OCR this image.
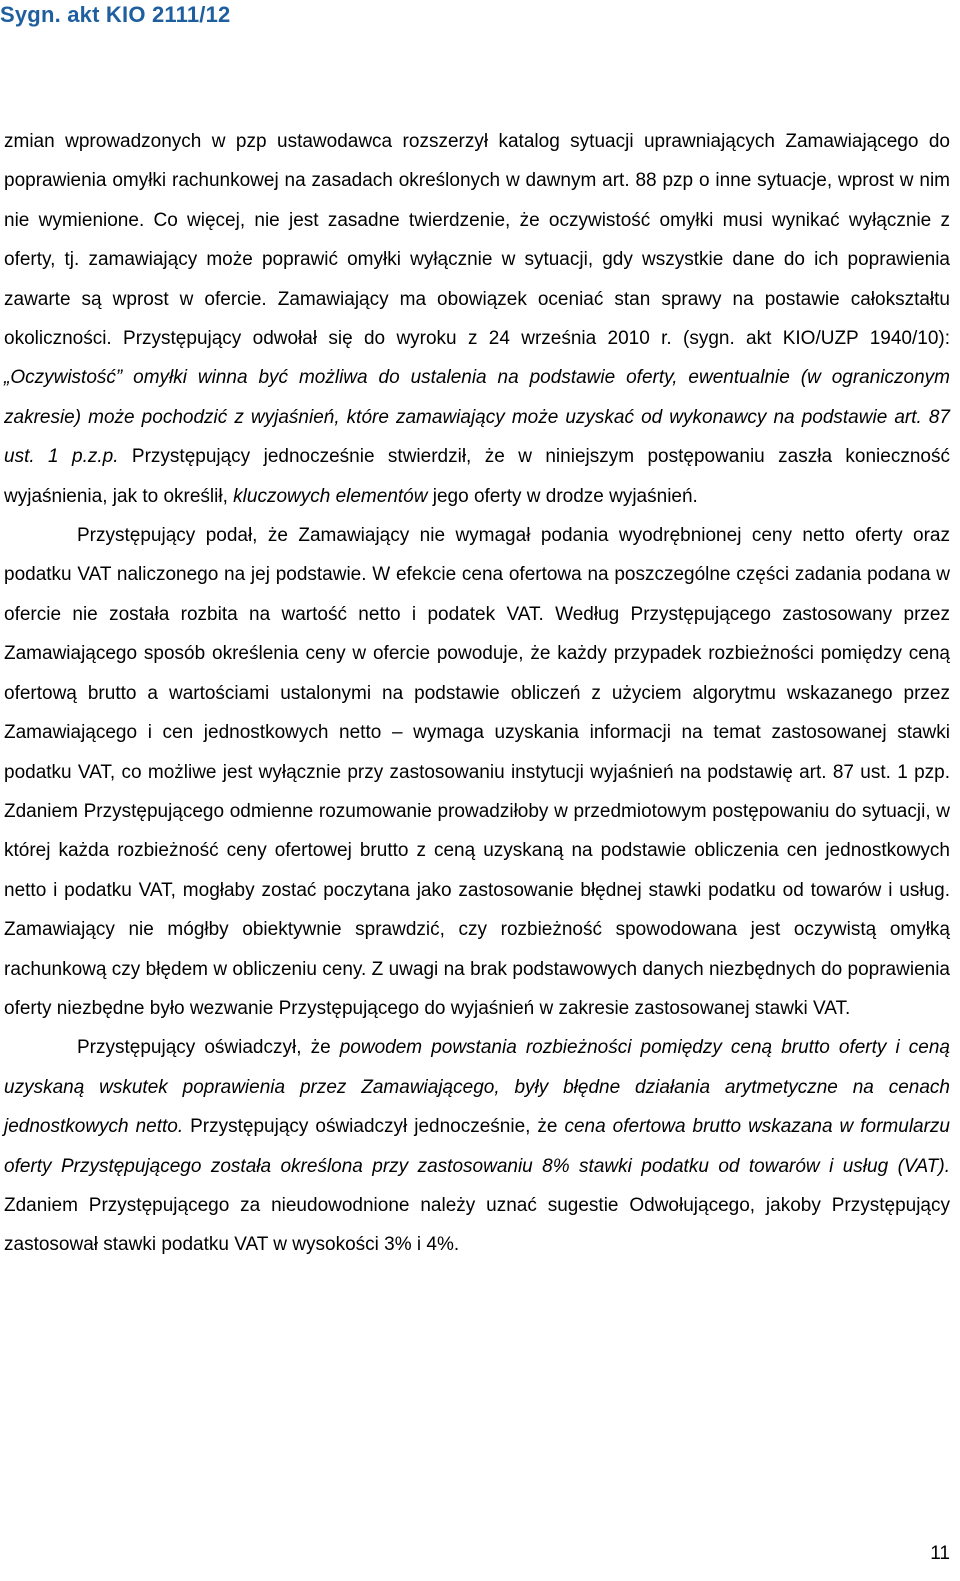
Sygn. akt KIO 2111/12

zmian wprowadzonych w pzp ustawodawca rozszerzył katalog sytuacji uprawniających Zamawiającego do poprawienia omyłki rachunkowej na zasadach określonych w dawnym art. 88 pzp o inne sytuacje, wprost w nim nie wymienione. Co więcej, nie jest zasadne twierdzenie, że oczywistość omyłki musi wynikać wyłącznie z oferty, tj. zamawiający może poprawić omyłki wyłącznie w sytuacji, gdy wszystkie dane do ich poprawienia zawarte są wprost w ofercie. Zamawiający ma obowiązek oceniać stan sprawy na postawie całokształtu okoliczności. Przystępujący odwołał się do wyroku z 24 września 2010 r. (sygn. akt KIO/UZP 1940/10): „Oczywistość” omyłki winna być możliwa do ustalenia na podstawie oferty, ewentualnie (w ograniczonym zakresie) może pochodzić z wyjaśnień, które zamawiający może uzyskać od wykonawcy na podstawie art. 87 ust. 1 p.z.p. Przystępujący jednocześnie stwierdził, że w niniejszym postępowaniu zaszła konieczność wyjaśnienia, jak to określił, kluczowych elementów jego oferty w drodze wyjaśnień.

Przystępujący podał, że Zamawiający nie wymagał podania wyodrębnionej ceny netto oferty oraz podatku VAT naliczonego na jej podstawie. W efekcie cena ofertowa na poszczególne części zadania podana w ofercie nie została rozbita na wartość netto i podatek VAT. Według Przystępującego zastosowany przez Zamawiającego sposób określenia ceny w ofercie powoduje, że każdy przypadek rozbieżności pomiędzy ceną ofertową brutto a wartościami ustalonymi na podstawie obliczeń z użyciem algorytmu wskazanego przez Zamawiającego i cen jednostkowych netto – wymaga uzyskania informacji na temat zastosowanej stawki podatku VAT, co możliwe jest wyłącznie przy zastosowaniu instytucji wyjaśnień na podstawię art. 87 ust. 1 pzp. Zdaniem Przystępującego odmienne rozumowanie prowadziłoby w przedmiotowym postępowaniu do sytuacji, w której każda rozbieżność ceny ofertowej brutto z ceną uzyskaną na podstawie obliczenia cen jednostkowych netto i podatku VAT, mogłaby zostać poczytana jako zastosowanie błędnej stawki podatku od towarów i usług. Zamawiający nie mógłby obiektywnie sprawdzić, czy rozbieżność spowodowana jest oczywistą omyłką rachunkową czy błędem w obliczeniu ceny. Z uwagi na brak podstawowych danych niezbędnych do poprawienia oferty niezbędne było wezwanie Przystępującego do wyjaśnień w zakresie zastosowanej stawki VAT.

Przystępujący oświadczył, że powodem powstania rozbieżności pomiędzy ceną brutto oferty i ceną uzyskaną wskutek poprawienia przez Zamawiającego, były błędne działania arytmetyczne na cenach jednostkowych netto. Przystępujący oświadczył jednocześnie, że cena ofertowa brutto wskazana w formularzu oferty Przystępującego została określona przy zastosowaniu 8% stawki podatku od towarów i usług (VAT). Zdaniem Przystępującego za nieudowodnione należy uznać sugestie Odwołującego, jakoby Przystępujący zastosował stawki podatku VAT w wysokości 3% i 4%.

11
